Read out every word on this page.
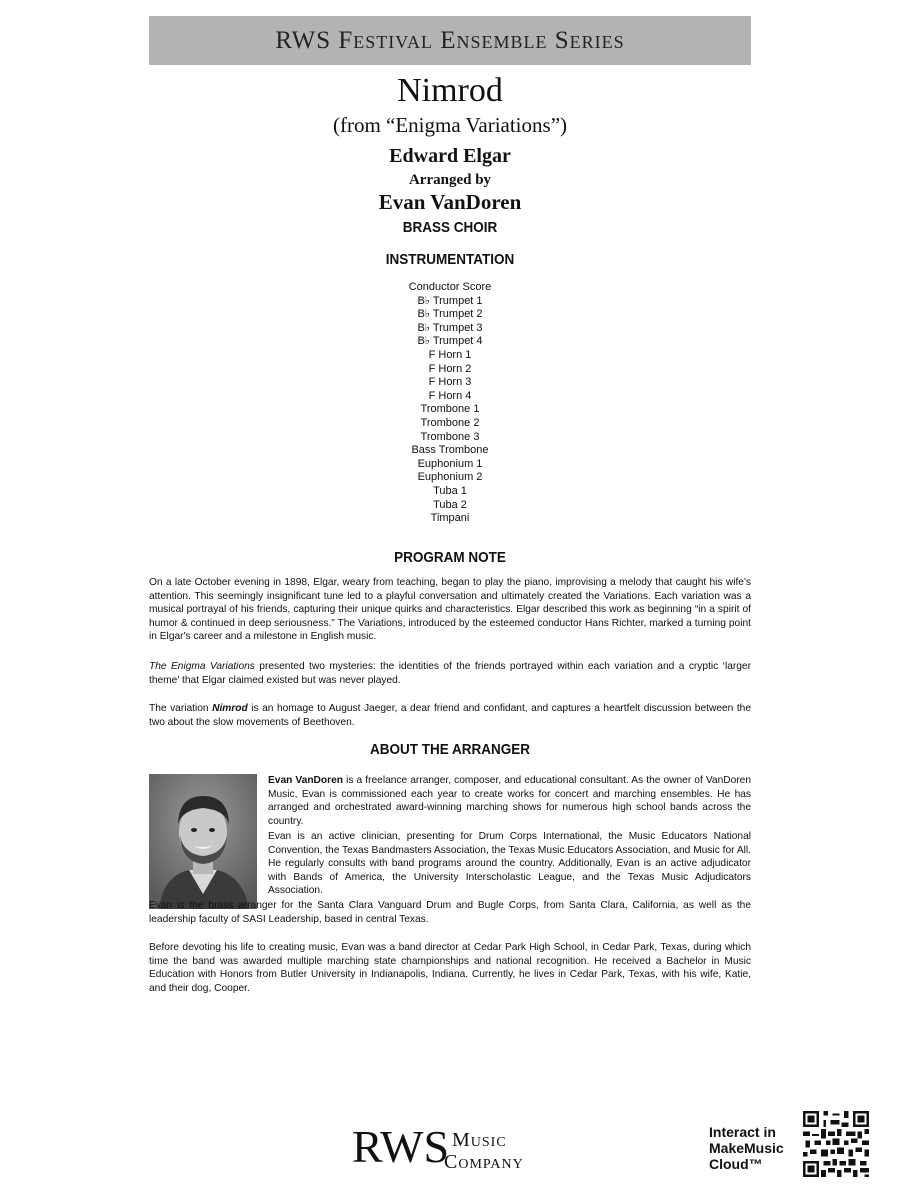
RWS Festival Ensemble Series
Nimrod
(from “Enigma Variations”)
Edward Elgar
Arranged by
Evan VanDoren
BRASS CHOIR
INSTRUMENTATION
Conductor Score
B♭ Trumpet 1
B♭ Trumpet 2
B♭ Trumpet 3
B♭ Trumpet 4
F Horn 1
F Horn 2
F Horn 3
F Horn 4
Trombone 1
Trombone 2
Trombone 3
Bass Trombone
Euphonium 1
Euphonium 2
Tuba 1
Tuba 2
Timpani
PROGRAM NOTE

On a late October evening in 1898, Elgar, weary from teaching, began to play the piano, improvising a melody that caught his wife's attention. This seemingly insignificant tune led to a playful conversation and ultimately created the Variations. Each variation was a musical portrayal of his friends, capturing their unique quirks and characteristics. Elgar described this work as beginning “in a spirit of humor & continued in deep seriousness.” The Variations, introduced by the esteemed conductor Hans Richter, marked a turning point in Elgar's career and a milestone in English music.

The Enigma Variations presented two mysteries: the identities of the friends portrayed within each variation and a cryptic ‘larger theme’ that Elgar claimed existed but was never played.

The variation Nimrod is an homage to August Jaeger, a dear friend and confidant, and captures a heartfelt discussion between the two about the slow movements of Beethoven.

ABOUT THE ARRANGER

Evan VanDoren is a freelance arranger, composer, and educational consultant. As the owner of VanDoren Music, Evan is commissioned each year to create works for concert and marching ensembles. He has arranged and orchestrated award-winning marching shows for numerous high school bands across the country.

Evan is an active clinician, presenting for Drum Corps International, the Music Educators National Convention, the Texas Bandmasters Association, the Texas Music Educators Association, and Music for All. He regularly consults with band programs around the country. Additionally, Evan is an active adjudicator with Bands of America, the University Interscholastic League, and the Texas Music Adjudicators Association.

Evan is the brass arranger for the Santa Clara Vanguard Drum and Bugle Corps, from Santa Clara, California, as well as the leadership faculty of SASI Leadership, based in central Texas.

Before devoting his life to creating music, Evan was a band director at Cedar Park High School, in Cedar Park, Texas, during which time the band was awarded multiple marching state championships and national recognition. He received a Bachelor in Music Education with Honors from Butler University in Indianapolis, Indiana. Currently, he lives in Cedar Park, Texas, with his wife, Katie, and their dog, Cooper.

RWS Music
Company
Interact in
MakeMusic
Cloud™
